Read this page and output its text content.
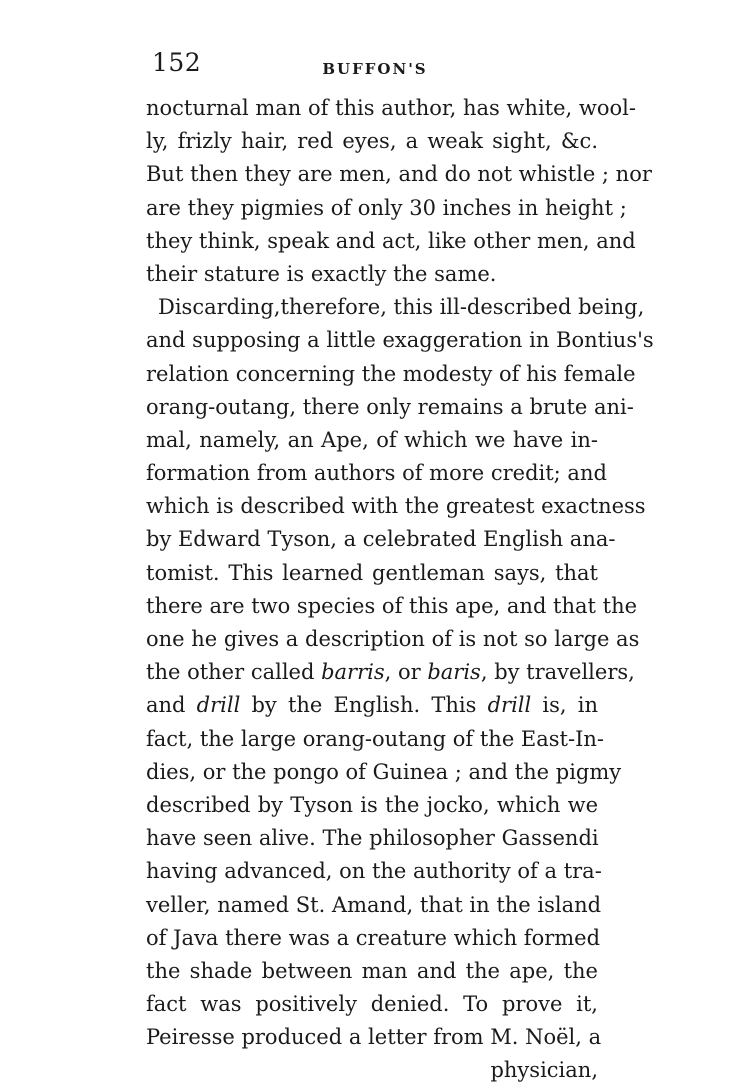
152	BUFFON'S
nocturnal man of this author, has white, wool-
ly, frizly hair, red eyes, a weak sight, &c.
But then they are men, and do not whistle ; nor
are they pigmies of only 30 inches in height ;
they think, speak and act, like other men, and
their stature is exactly the same.
Discarding,therefore, this ill-described being,
and supposing a little exaggeration in Bontius's
relation concerning the modesty of his female
orang-outang, there only remains a brute ani-
mal, namely, an Ape, of which we have in-
formation from authors of more credit; and
which is described with the greatest exactness
by Edward Tyson, a celebrated English ana-
tomist. This learned gentleman says, that
there are two species of this ape, and that the
one he gives a description of is not so large as
the other called barris, or baris, by travellers,
and drill by the English. This drill is, in
fact, the large orang-outang of the East-In-
dies, or the pongo of Guinea ; and the pigmy
described by Tyson is the jocko, which we
have seen alive. The philosopher Gassendi
having advanced, on the authority of a tra-
veller, named St. Amand, that in the island
of Java there was a creature which formed
the shade between man and the ape, the
fact was positively denied. To prove it,
Peiresse produced a letter from M. Noël, a
physician,
